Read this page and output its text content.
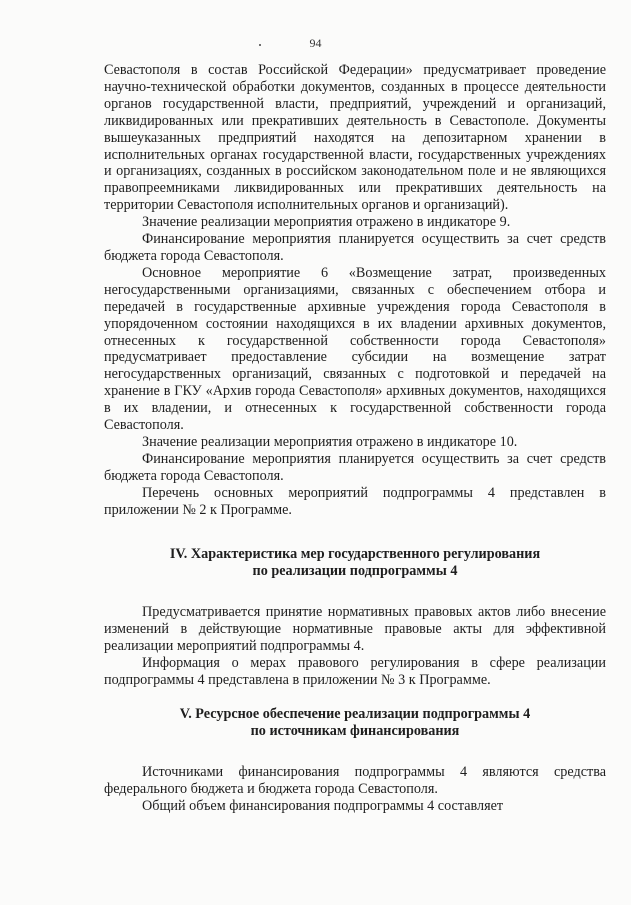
94

Севастополя в состав Российской Федерации» предусматривает проведение научно-технической обработки документов, созданных в процессе деятельности органов государственной власти, предприятий, учреждений и организаций, ликвидированных или прекративших деятельность в Севастополе. Документы вышеуказанных предприятий находятся на депозитарном хранении в исполнительных органах государственной власти, государственных учреждениях и организациях, созданных в российском законодательном поле и не являющихся правопреемниками ликвидированных или прекративших деятельность на территории Севастополя исполнительных органов и организаций).

Значение реализации мероприятия отражено в индикаторе 9.

Финансирование мероприятия планируется осуществить за счет средств бюджета города Севастополя.

Основное мероприятие 6 «Возмещение затрат, произведенных негосударственными организациями, связанных с обеспечением отбора и передачей в государственные архивные учреждения города Севастополя в упорядоченном состоянии находящихся в их владении архивных документов, отнесенных к государственной собственности города Севастополя» предусматривает предоставление субсидии на возмещение затрат негосударственных организаций, связанных с подготовкой и передачей на хранение в ГКУ «Архив города Севастополя» архивных документов, находящихся в их владении, и отнесенных к государственной собственности города Севастополя.

Значение реализации мероприятия отражено в индикаторе 10.

Финансирование мероприятия планируется осуществить за счет средств бюджета города Севастополя.

Перечень основных мероприятий подпрограммы 4 представлен в приложении № 2 к Программе.

IV. Характеристика мер государственного регулирования
по реализации подпрограммы 4

Предусматривается принятие нормативных правовых актов либо внесение изменений в действующие нормативные правовые акты для эффективной реализации мероприятий подпрограммы 4.

Информация о мерах правового регулирования в сфере реализации подпрограммы 4 представлена в приложении № 3 к Программе.

V. Ресурсное обеспечение реализации подпрограммы 4
по источникам финансирования

Источниками финансирования подпрограммы 4 являются средства федерального бюджета и бюджета города Севастополя.

Общий объем финансирования подпрограммы 4 составляет
